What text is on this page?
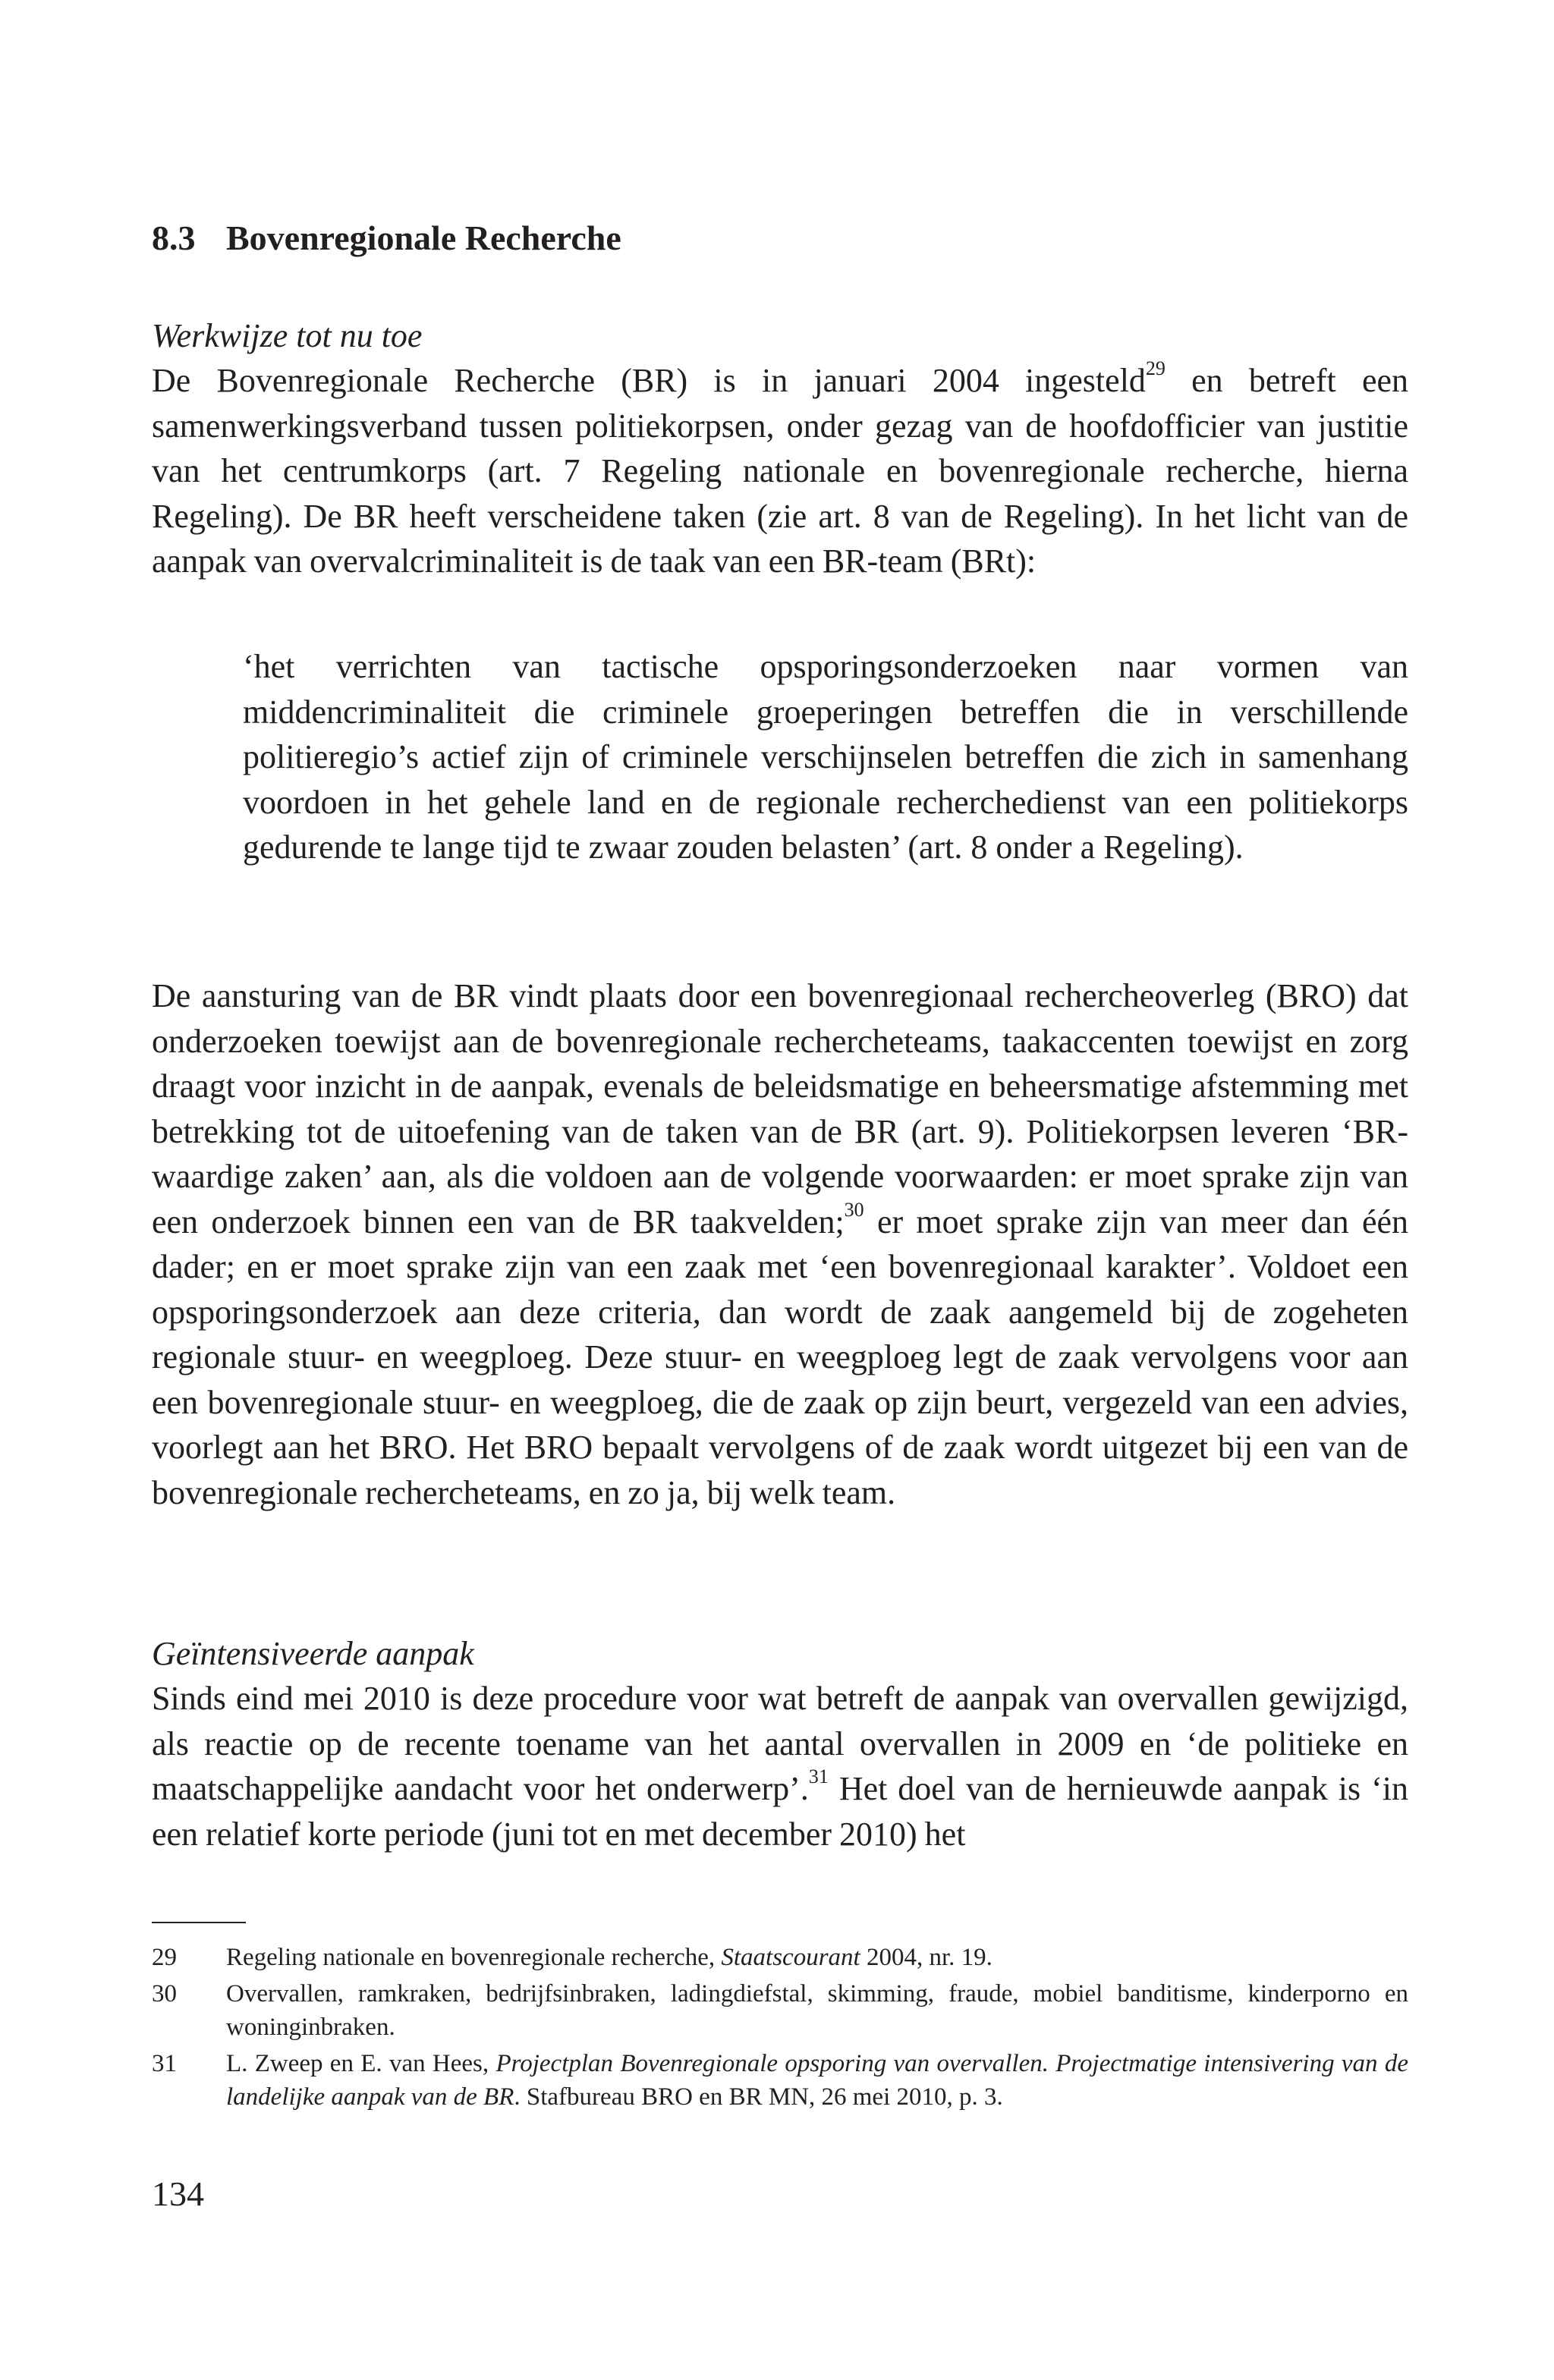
8.3 Bovenregionale Recherche
Werkwijze tot nu toe

De Bovenregionale Recherche (BR) is in januari 2004 ingesteld$^{29}$ en betreft een samenwerkingsverband tussen politiekorpsen, onder gezag van de hoofdofficier van justitie van het centrumkorps (art. 7 Regeling nationale en bovenregionale recherche, hierna Regeling). De BR heeft verscheidene taken (zie art. 8 van de Regeling). In het licht van de aanpak van overvalcriminaliteit is de taak van een BR-team (BRt):

‘het verrichten van tactische opsporingsonderzoeken naar vormen van middencriminaliteit die criminele groeperingen betreffen die in verschillende politieregio’s actief zijn of criminele verschijnselen betreffen die zich in samenhang voordoen in het gehele land en de regionale recherchedienst van een politiekorps gedurende te lange tijd te zwaar zouden belasten’ (art. 8 onder a Regeling).

De aansturing van de BR vindt plaats door een bovenregionaal rechercheoverleg (BRO) dat onderzoeken toewijst aan de bovenregionale rechercheteams, taakaccenten toewijst en zorg draagt voor inzicht in de aanpak, evenals de beleidsmatige en beheersmatige afstemming met betrekking tot de uitoefening van de taken van de BR (art. 9). Politiekorpsen leveren ‘BR-waardige zaken’ aan, als die voldoen aan de volgende voorwaarden: er moet sprake zijn van een onderzoek binnen een van de BR taakvelden;$^{30}$ er moet sprake zijn van meer dan één dader; en er moet sprake zijn van een zaak met ‘een bovenregionaal karakter’. Voldoet een opsporingsonderzoek aan deze criteria, dan wordt de zaak aangemeld bij de zogeheten regionale stuur- en weegploeg. Deze stuur- en weegploeg legt de zaak vervolgens voor aan een bovenregionale stuur- en weegploeg, die de zaak op zijn beurt, vergezeld van een advies, voorlegt aan het BRO. Het BRO bepaalt vervolgens of de zaak wordt uitgezet bij een van de bovenregionale rechercheteams, en zo ja, bij welk team.

Geïntensiveerde aanpak

Sinds eind mei 2010 is deze procedure voor wat betreft de aanpak van overvallen gewijzigd, als reactie op de recente toename van het aantal overvallen in 2009 en ‘de politieke en maatschappelijke aandacht voor het onderwerp’.$^{31}$ Het doel van de hernieuwde aanpak is ‘in een relatief korte periode (juni tot en met december 2010) het

29 Regeling nationale en bovenregionale recherche, Staatscourant 2004, nr. 19.
30 Overvallen, ramkraken, bedrijfsinbraken, ladingdiefstal, skimming, fraude, mobiel banditisme, kinderporno en woninginbraken.
31 L. Zweep en E. van Hees, Projectplan Bovenregionale opsporing van overvallen. Projectmatige intensivering van de landelijke aanpak van de BR. Stafbureau BRO en BR MN, 26 mei 2010, p. 3.
134
